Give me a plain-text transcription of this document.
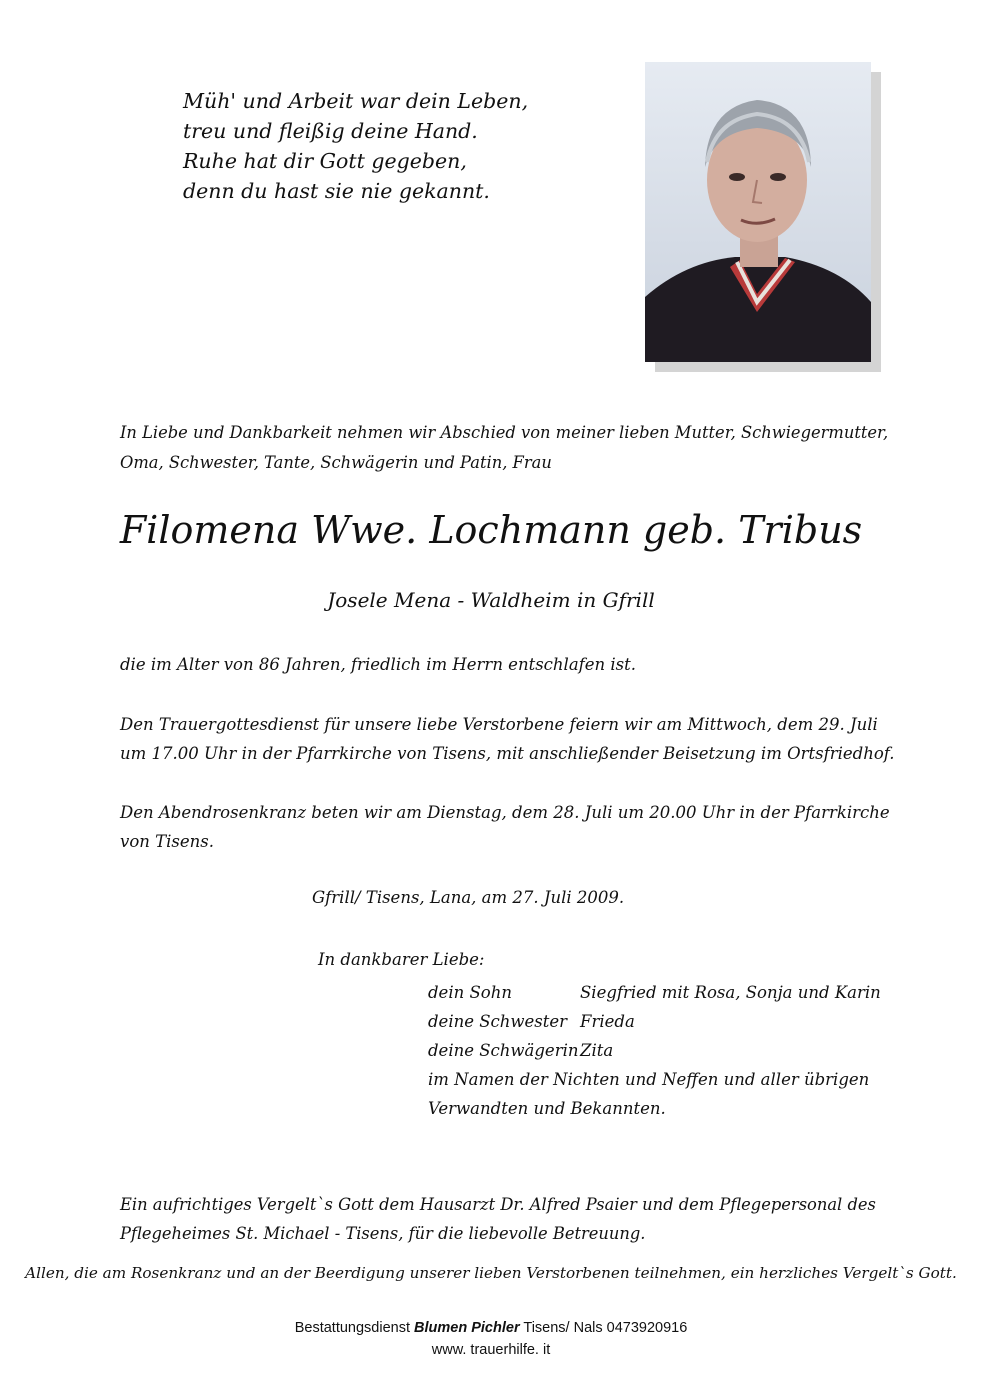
Müh' und Arbeit war dein Leben,
treu und fleißig deine Hand.
Ruhe hat dir Gott gegeben,
denn du hast sie nie gekannt.
In Liebe und Dankbarkeit nehmen wir Abschied von meiner lieben Mutter, Schwiegermutter,
Oma, Schwester, Tante, Schwägerin und Patin, Frau
Filomena Wwe. Lochmann geb. Tribus
Josele Mena - Waldheim in Gfrill
die im Alter von 86 Jahren, friedlich im Herrn entschlafen ist.
Den Trauergottesdienst für unsere liebe Verstorbene feiern wir am Mittwoch, dem 29. Juli
um 17.00 Uhr in der Pfarrkirche von Tisens, mit anschließender Beisetzung im Ortsfriedhof.
Den Abendrosenkranz beten wir am Dienstag, dem 28. Juli um 20.00 Uhr in der Pfarrkirche
von Tisens.
Gfrill/ Tisens, Lana, am 27. Juli 2009.
In dankbarer Liebe:
dein Sohn	Siegfried mit Rosa, Sonja und Karin
deine Schwester Frieda
deine SchwägerinZita
im Namen der Nichten und Neffen und aller übrigen
Verwandten und Bekannten.
Ein aufrichtiges Vergelt`s Gott dem Hausarzt Dr. Alfred Psaier und dem Pflegepersonal des
Pflegeheimes St. Michael - Tisens, für die liebevolle Betreuung.
Allen, die am Rosenkranz und an der Beerdigung unserer lieben Verstorbenen teilnehmen, ein herzliches Vergelt`s Gott.
Bestattungsdienst Blumen Pichler Tisens/ Nals 0473920916
www. trauerhilfe. it
